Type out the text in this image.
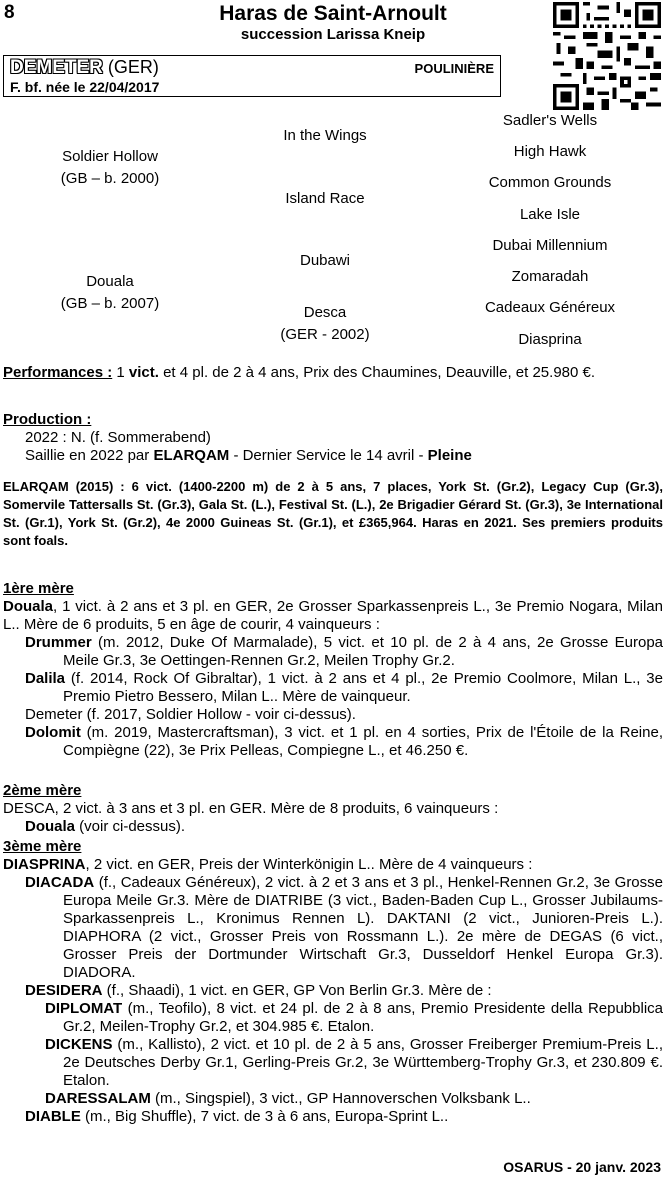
8	Haras de Saint-Arnoult
succession Larissa Kneip
DEMETER (GER)	POULINIÈRE
F. bf. née le 22/04/2017
Soldier Hollow
(GB – b. 2000)
Douala
(GB – b. 2007)
In the Wings
Island Race
Dubawi
Desca
(GER - 2002)
Sadler's Wells
High Hawk
Common Grounds
Lake Isle
Dubai Millennium
Zomaradah
Cadeaux Généreux
Diasprina
Performances : 1 vict. et 4 pl. de 2 à 4 ans, Prix des Chaumines, Deauville, et 25.980 €.
Production :
2022 : N. (f. Sommerabend)
Saillie en 2022 par ELARQAM - Dernier Service le 14 avril - Pleine
ELARQAM (2015) : 6 vict. (1400-2200 m) de 2 à 5 ans, 7 places, York St. (Gr.2), Legacy Cup (Gr.3), Somervile Tattersalls St. (Gr.3), Gala St. (L.), Festival St. (L.), 2e Brigadier Gérard St. (Gr.3), 3e International St. (Gr.1), York St. (Gr.2), 4e 2000 Guineas St. (Gr.1), et £365,964. Haras en 2021. Ses premiers produits sont foals.
1ère mère
Douala, 1 vict. à 2 ans et 3 pl. en GER, 2e Grosser Sparkassenpreis L., 3e Premio Nogara, Milan L.. Mère de 6 produits, 5 en âge de courir, 4 vainqueurs :
Drummer (m. 2012, Duke Of Marmalade), 5 vict. et 10 pl. de 2 à 4 ans, 2e Grosse Europa Meile Gr.3, 3e Oettingen-Rennen Gr.2, Meilen Trophy Gr.2.
Dalila (f. 2014, Rock Of Gibraltar), 1 vict. à 2 ans et 4 pl., 2e Premio Coolmore, Milan L., 3e Premio Pietro Bessero, Milan L.. Mère de vainqueur.
Demeter (f. 2017, Soldier Hollow - voir ci-dessus).
Dolomit (m. 2019, Mastercraftsman), 3 vict. et 1 pl. en 4 sorties, Prix de l'Étoile de la Reine, Compiègne (22), 3e Prix Pelleas, Compiegne L., et 46.250 €.
2ème mère
DESCA, 2 vict. à 3 ans et 3 pl. en GER. Mère de 8 produits, 6 vainqueurs :
Douala (voir ci-dessus).
3ème mère
DIASPRINA, 2 vict. en GER, Preis der Winterkönigin L.. Mère de 4 vainqueurs :
DIACADA (f., Cadeaux Généreux), 2 vict. à 2 et 3 ans et 3 pl., Henkel-Rennen Gr.2, 3e Grosse Europa Meile Gr.3. Mère de DIATRIBE (3 vict., Baden-Baden Cup L., Grosser Jubilaums-Sparkassenpreis L., Kronimus Rennen L). DAKTANI (2 vict., Junioren-Preis L.). DIAPHORA (2 vict., Grosser Preis von Rossmann L.). 2e mère de DEGAS (6 vict., Grosser Preis der Dortmunder Wirtschaft Gr.3, Dusseldorf Henkel Europa Gr.3). DIADORA.
DESIDERA (f., Shaadi), 1 vict. en GER, GP Von Berlin Gr.3. Mère de :
DIPLOMAT (m., Teofilo), 8 vict. et 24 pl. de 2 à 8 ans, Premio Presidente della Repubblica Gr.2, Meilen-Trophy Gr.2, et 304.985 €. Etalon.
DICKENS (m., Kallisto), 2 vict. et 10 pl. de 2 à 5 ans, Grosser Freiberger Premium-Preis L., 2e Deutsches Derby Gr.1, Gerling-Preis Gr.2, 3e Württemberg-Trophy Gr.3, et 230.809 €. Etalon.
DARESSALAM (m., Singspiel), 3 vict., GP Hannoverschen Volksbank L..
DIABLE (m., Big Shuffle), 7 vict. de 3 à 6 ans, Europa-Sprint L..
OSARUS - 20 janv. 2023
